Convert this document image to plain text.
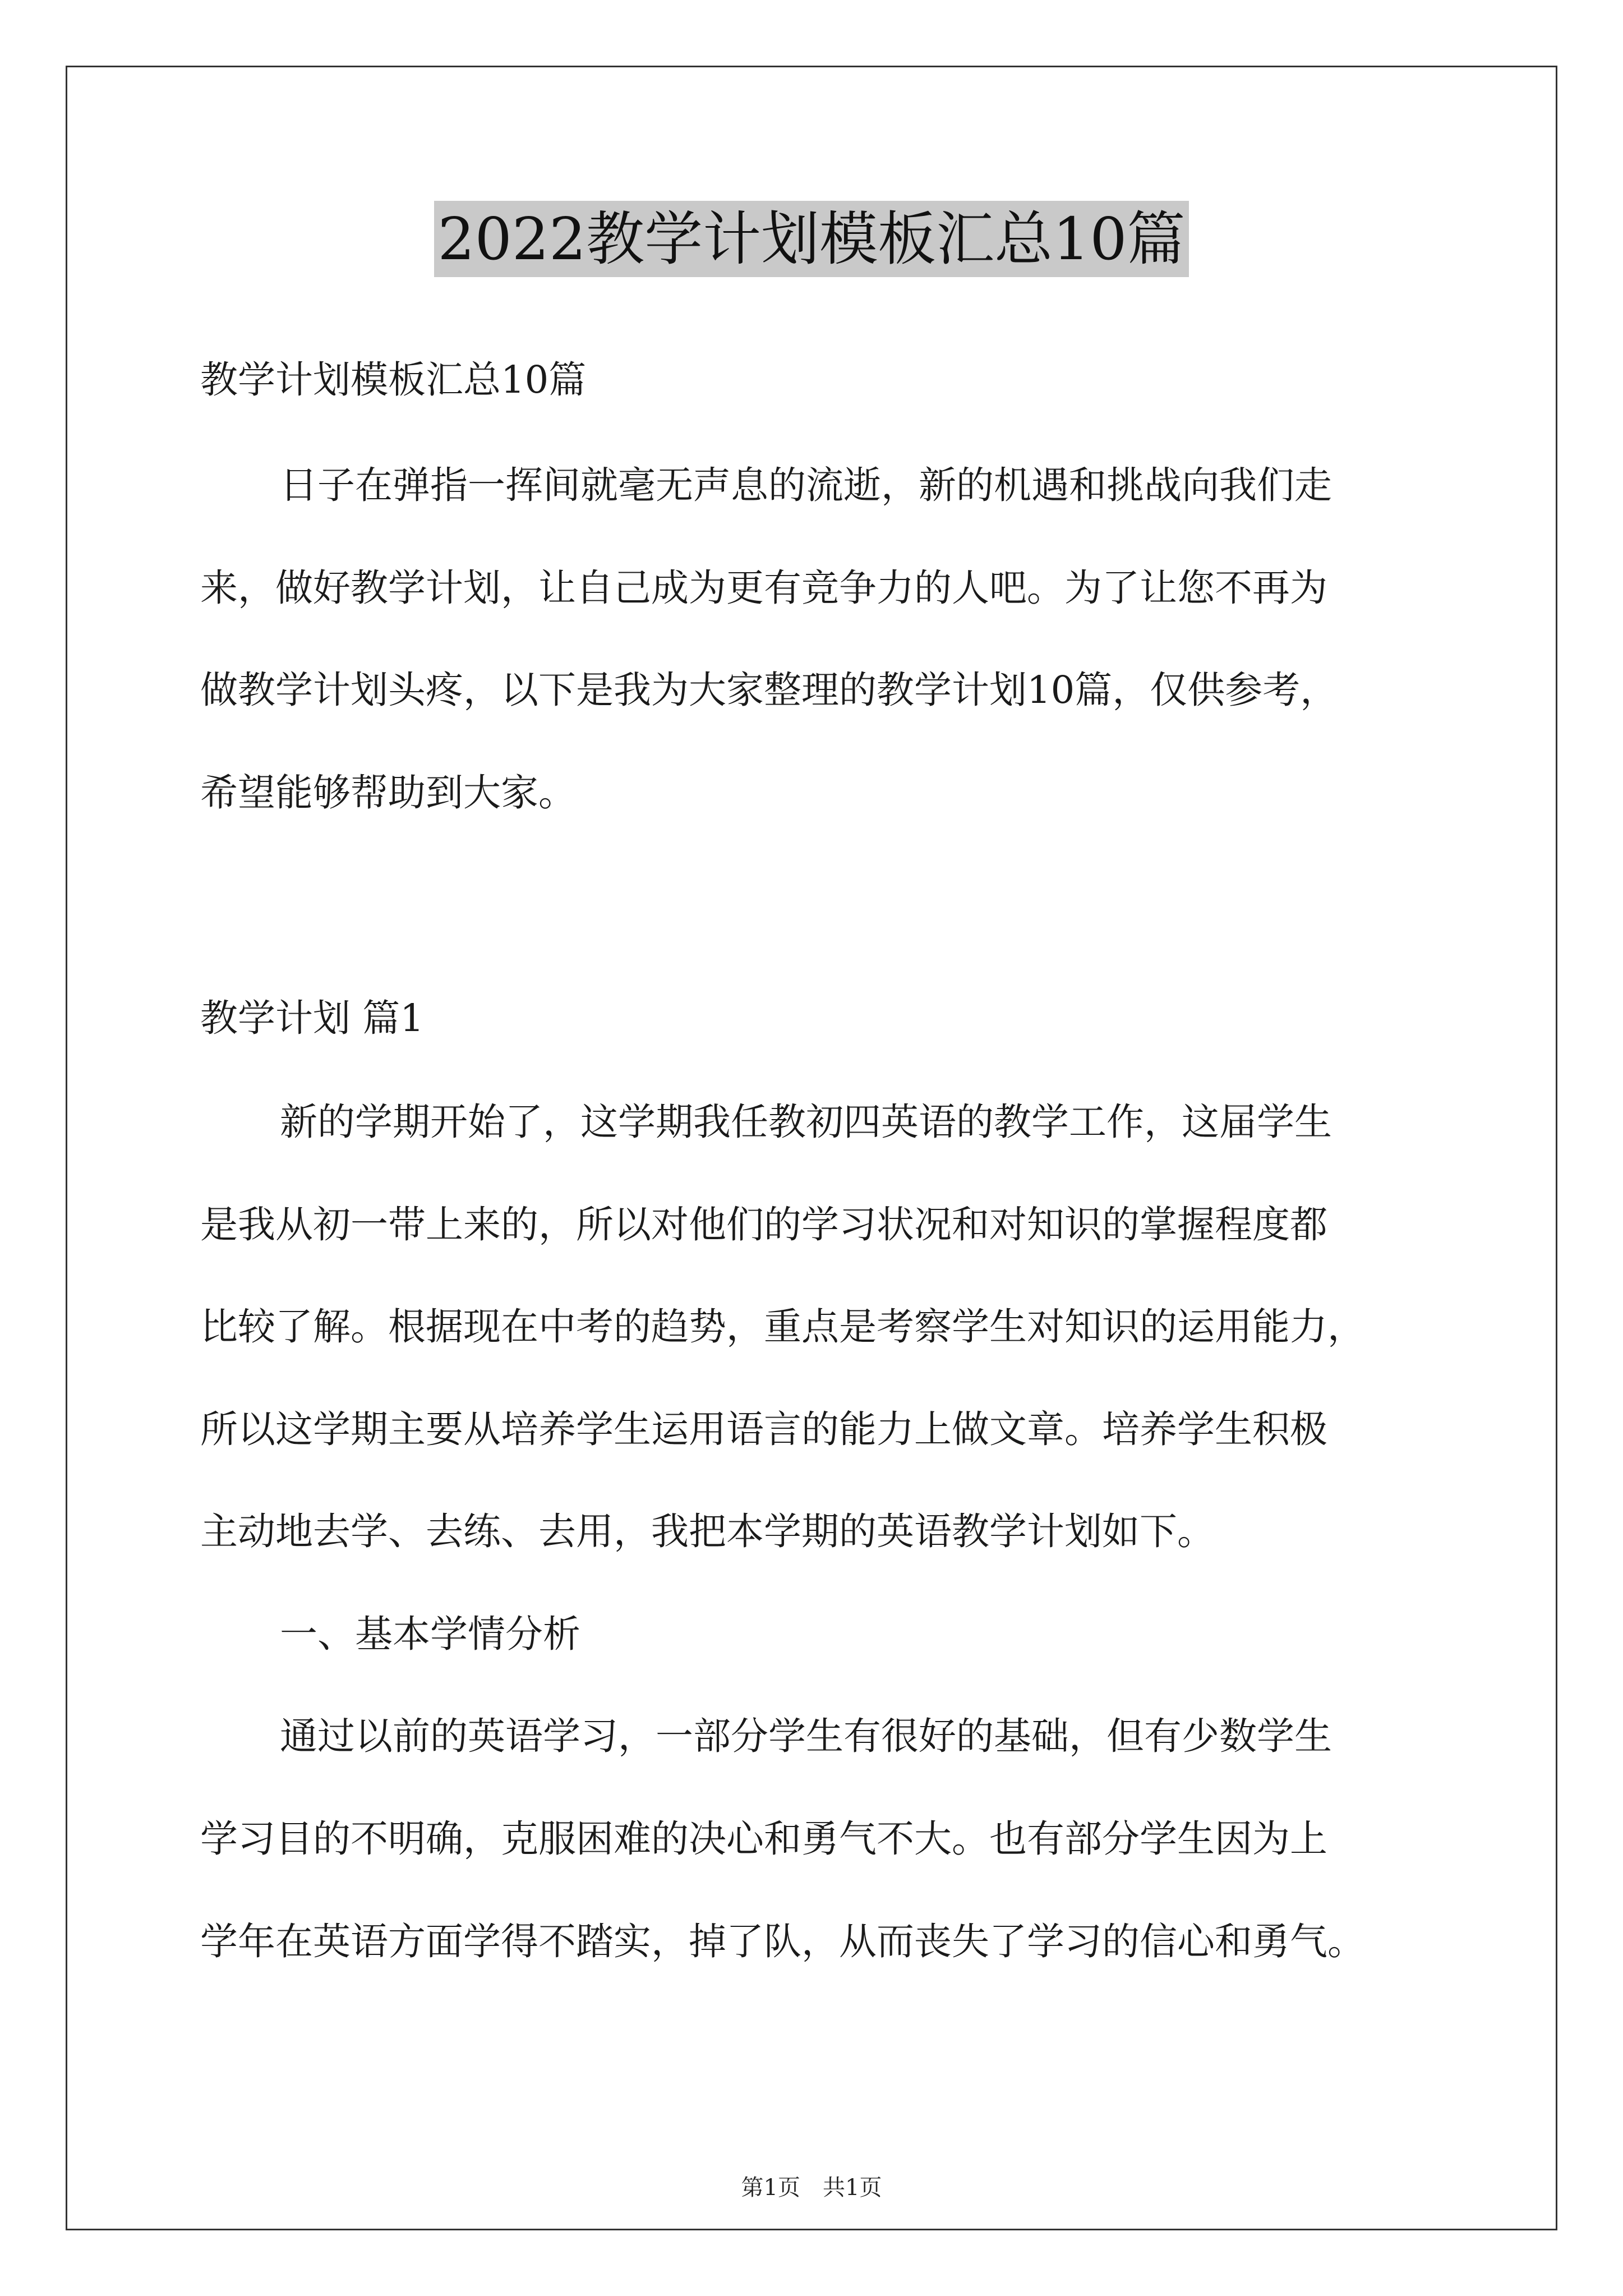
2022教学计划模板汇总10篇
教学计划模板汇总10篇
日子在弹指一挥间就毫无声息的流逝，新的机遇和挑战向我们走
来，做好教学计划，让自己成为更有竞争力的人吧。为了让您不再为
做教学计划头疼，以下是我为大家整理的教学计划10篇，仅供参考，
希望能够帮助到大家。
教学计划 篇1
新的学期开始了，这学期我任教初四英语的教学工作，这届学生
是我从初一带上来的，所以对他们的学习状况和对知识的掌握程度都
比较了解。根据现在中考的趋势，重点是考察学生对知识的运用能力，
所以这学期主要从培养学生运用语言的能力上做文章。培养学生积极
主动地去学、去练、去用，我把本学期的英语教学计划如下。
一、基本学情分析
通过以前的英语学习，一部分学生有很好的基础，但有少数学生
学习目的不明确，克服困难的决心和勇气不大。也有部分学生因为上
学年在英语方面学得不踏实，掉了队，从而丧失了学习的信心和勇气。
第1页　共1页
